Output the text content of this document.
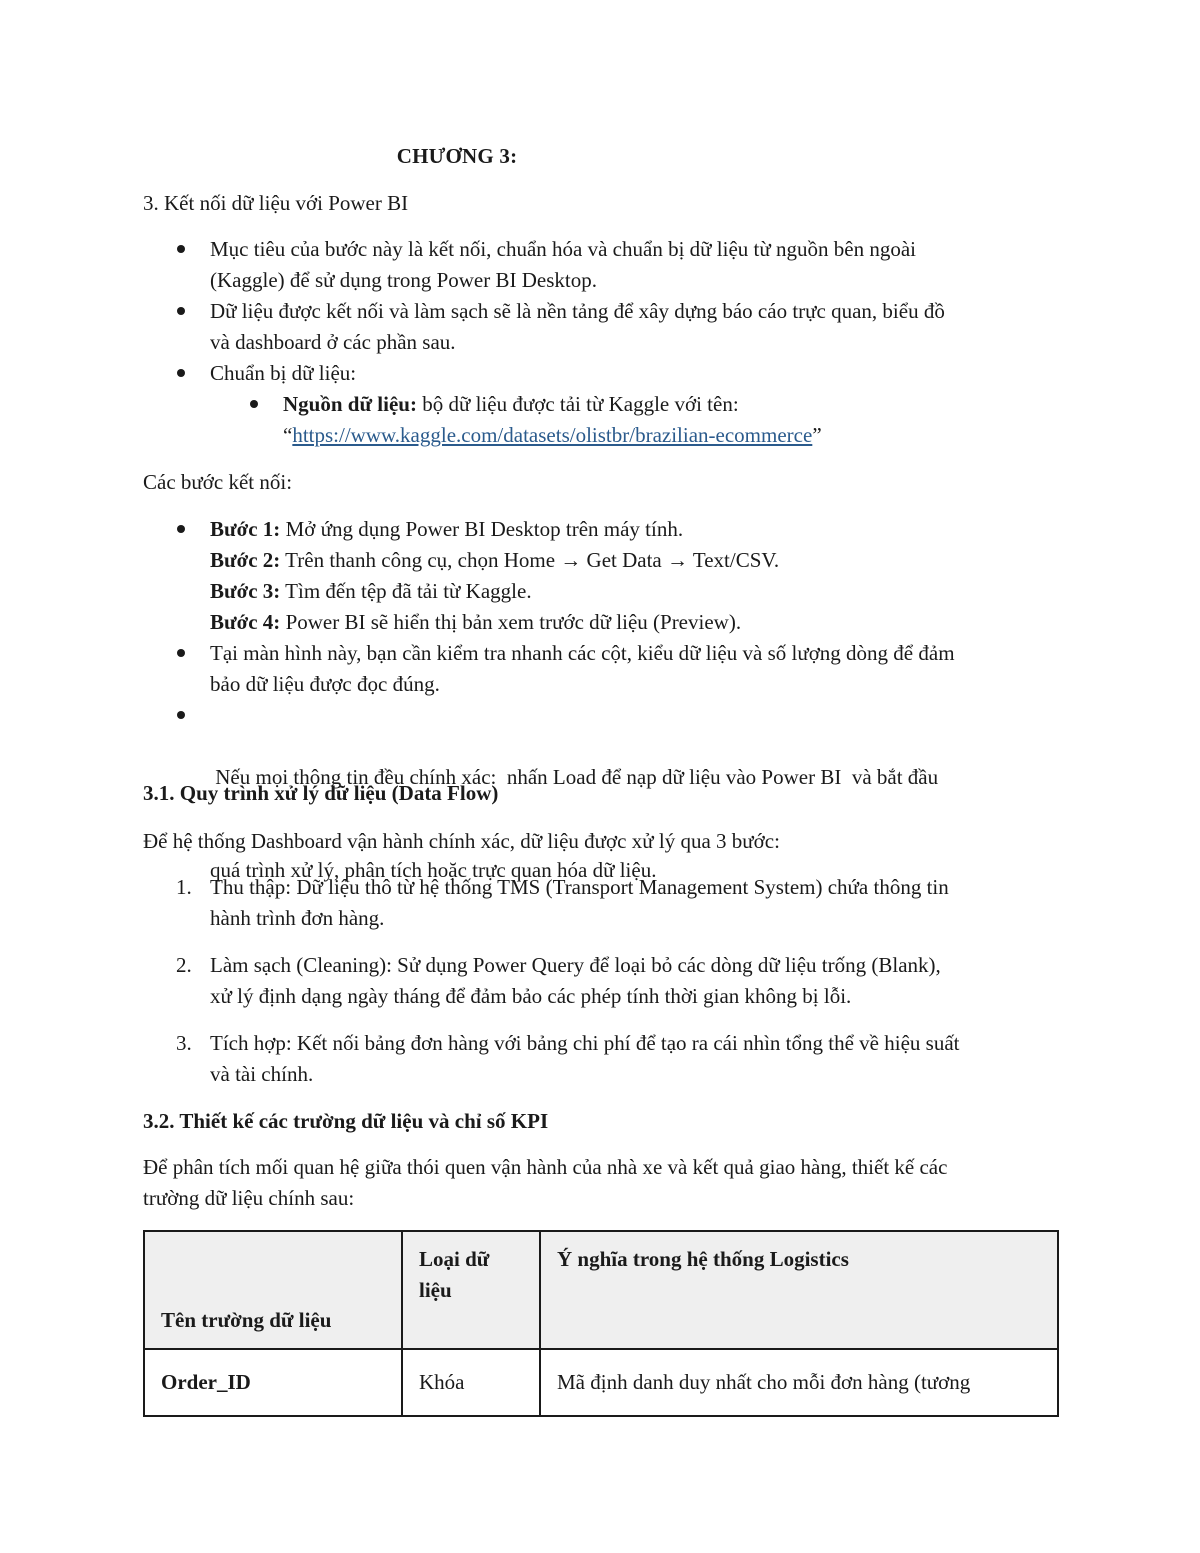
CHƯƠNG 3:
3. Kết nối dữ liệu với Power BI
Mục tiêu của bước này là kết nối, chuẩn hóa và chuẩn bị dữ liệu từ nguồn bên ngoài
(Kaggle) để sử dụng trong Power BI Desktop.
Dữ liệu được kết nối và làm sạch sẽ là nền tảng để xây dựng báo cáo trực quan, biểu đồ
và dashboard ở các phần sau.
Chuẩn bị dữ liệu:
Nguồn dữ liệu: bộ dữ liệu được tải từ Kaggle với tên:
“https://www.kaggle.com/datasets/olistbr/brazilian-ecommerce”
Các bước kết nối:
Bước 1: Mở ứng dụng Power BI Desktop trên máy tính.
Bước 2: Trên thanh công cụ, chọn Home → Get Data → Text/CSV.
Bước 3: Tìm đến tệp đã tải từ Kaggle.
Bước 4: Power BI sẽ hiển thị bản xem trước dữ liệu (Preview).
Tại màn hình này, bạn cần kiểm tra nhanh các cột, kiểu dữ liệu và số lượng dòng để đảm
bảo dữ liệu được đọc đúng.

Nếu mọi thông tin đều chính xác:  nhấn Load để nạp dữ liệu vào Power BI  và bắt đầu

quá trình xử lý, phân tích hoặc trực quan hóa dữ liệu.

3.1. Quy trình xử lý dữ liệu (Data Flow)
Để hệ thống Dashboard vận hành chính xác, dữ liệu được xử lý qua 3 bước:
1. Thu thập: Dữ liệu thô từ hệ thống TMS (Transport Management System) chứa thông tin
hành trình đơn hàng.
2. Làm sạch (Cleaning): Sử dụng Power Query để loại bỏ các dòng dữ liệu trống (Blank),
xử lý định dạng ngày tháng để đảm bảo các phép tính thời gian không bị lỗi.
3. Tích hợp: Kết nối bảng đơn hàng với bảng chi phí để tạo ra cái nhìn tổng thể về hiệu suất
và tài chính.
3.2. Thiết kế các trường dữ liệu và chỉ số KPI
Để phân tích mối quan hệ giữa thói quen vận hành của nhà xe và kết quả giao hàng, thiết kế các
trường dữ liệu chính sau:
Tên trường dữ liệu	Loại dữ liệu	Ý nghĩa trong hệ thống Logistics
Order_ID	Khóa	Mã định danh duy nhất cho mỗi đơn hàng (tương
